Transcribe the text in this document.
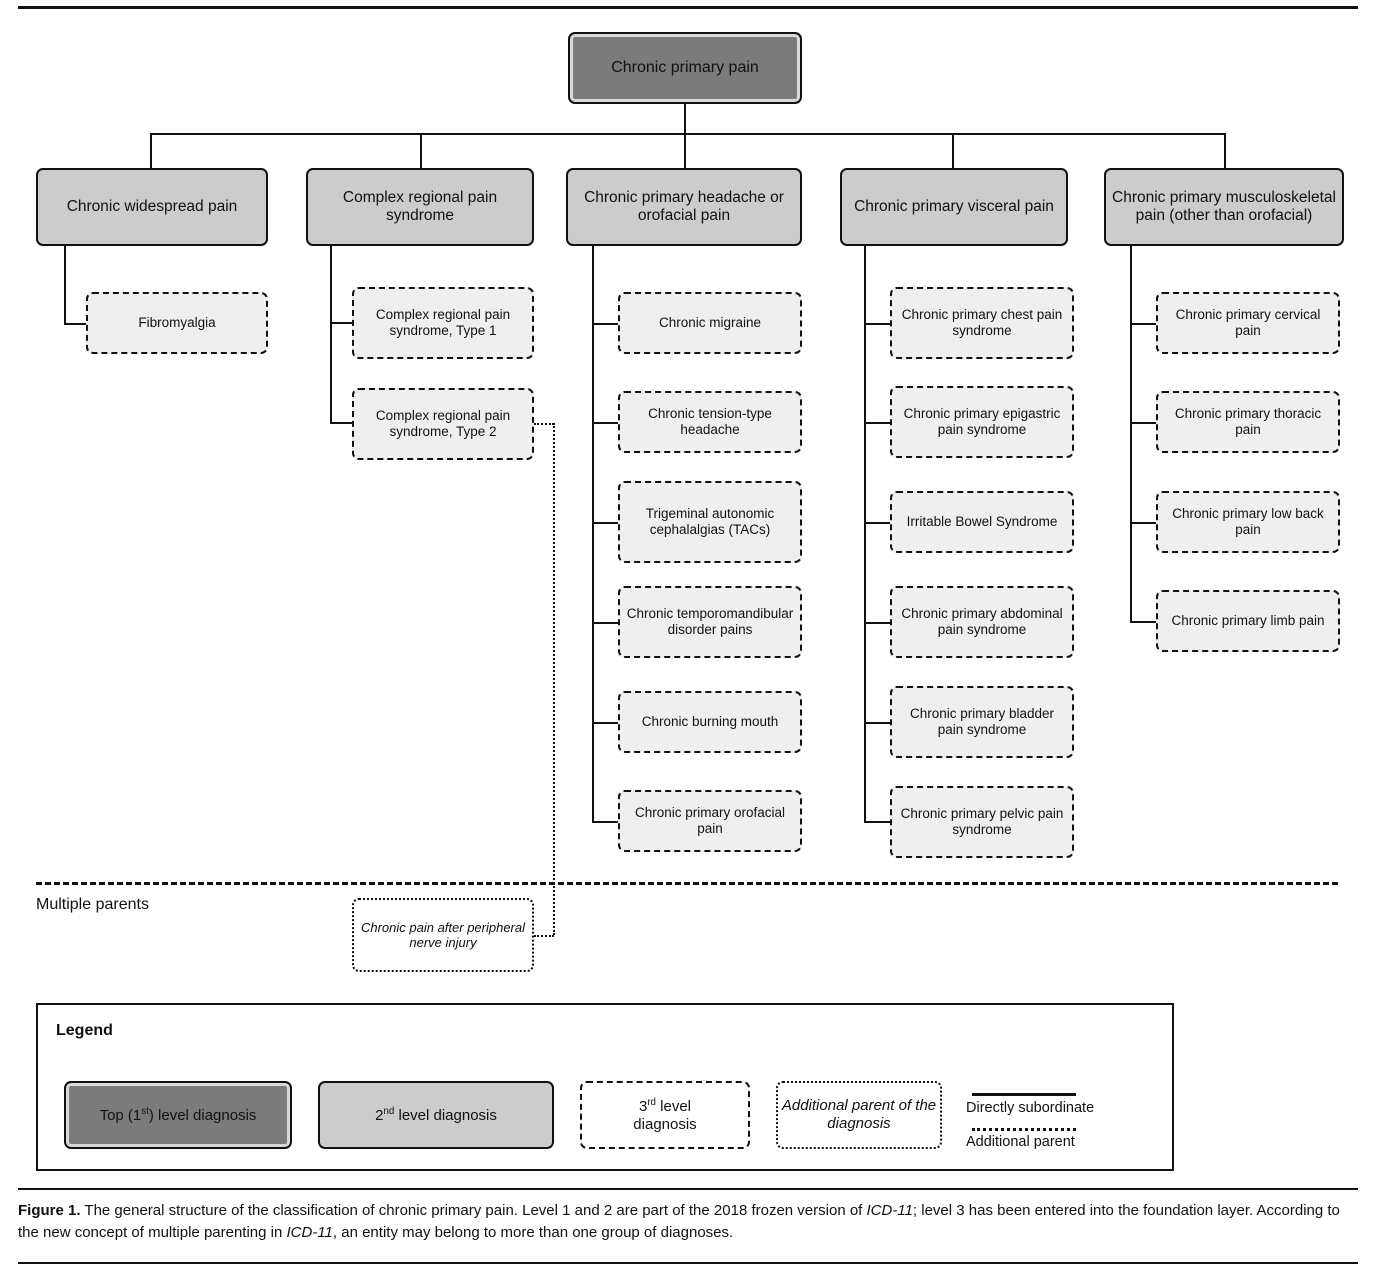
Chronic primary pain
Chronic widespread pain
Complex regional pain syndrome
Chronic primary headache or orofacial pain
Chronic primary visceral pain
Chronic primary musculoskeletal pain (other than orofacial)
Fibromyalgia
Complex regional pain syndrome, Type 1
Complex regional pain syndrome, Type 2
Chronic migraine
Chronic tension-type headache
Trigeminal autonomic cephalalgias (TACs)
Chronic temporomandibular disorder pains
Chronic burning mouth
Chronic primary orofacial pain
Chronic primary chest pain syndrome
Chronic primary epigastric pain syndrome
Irritable Bowel Syndrome
Chronic primary abdominal pain syndrome
Chronic primary bladder pain syndrome
Chronic primary pelvic pain syndrome
Chronic primary cervical pain
Chronic primary thoracic pain
Chronic primary low back pain
Chronic primary limb pain
Multiple parents
Chronic pain after peripheral nerve injury
Legend
Top (1st) level diagnosis	2nd level diagnosis
3rd level
diagnosis
Additional parent of the diagnosis
Directly subordinate
Additional parent
Figure 1. The general structure of the classification of chronic primary pain. Level 1 and 2 are part of the 2018 frozen version of ICD-11; level 3 has been entered into the foundation layer. According to the new concept of multiple parenting in ICD-11, an entity may belong to more than one group of diagnoses.
